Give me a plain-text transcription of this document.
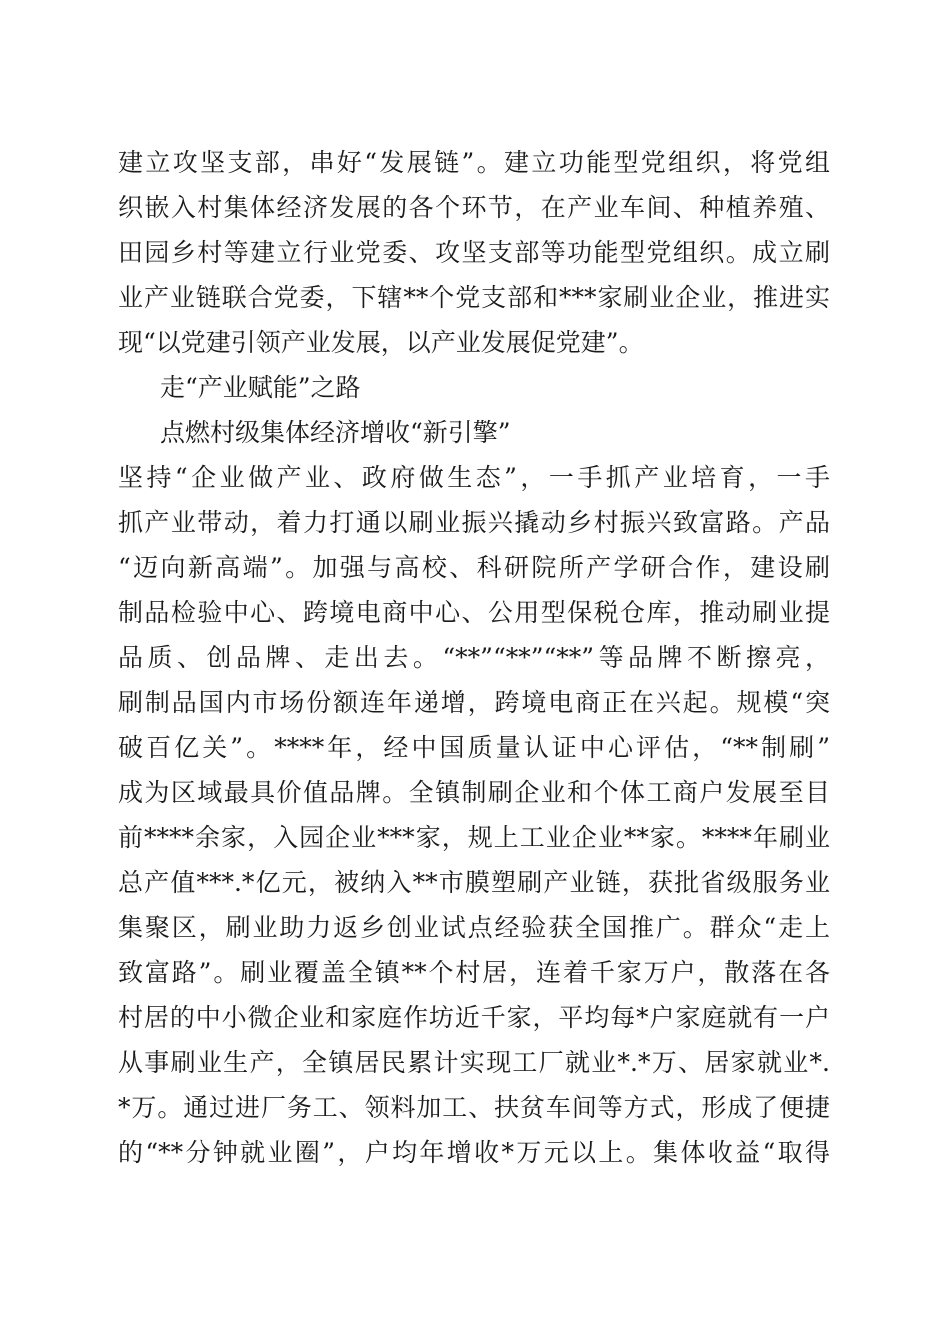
建立攻坚支部，串好“发展链”。建立功能型党组织，将党组
织嵌入村集体经济发展的各个环节，在产业车间、种植养殖、
田园乡村等建立行业党委、攻坚支部等功能型党组织。成立刷
业产业链联合党委，下辖**个党支部和***家刷业企业，推进实
现“以党建引领产业发展，以产业发展促党建”。
走“产业赋能”之路
点燃村级集体经济增收“新引擎”
坚持“企业做产业、政府做生态”，一手抓产业培育，一手
抓产业带动，着力打通以刷业振兴撬动乡村振兴致富路。产品
“迈向新高端”。加强与高校、科研院所产学研合作，建设刷
制品检验中心、跨境电商中心、公用型保税仓库，推动刷业提
品质、创品牌、走出去。“**”“**”“**”等品牌不断擦亮，
刷制品国内市场份额连年递增，跨境电商正在兴起。规模“突
破百亿关”。****年，经中国质量认证中心评估，“**制刷”
成为区域最具价值品牌。全镇制刷企业和个体工商户发展至目
前****余家，入园企业***家，规上工业企业**家。****年刷业
总产值***.*亿元，被纳入**市膜塑刷产业链，获批省级服务业
集聚区，刷业助力返乡创业试点经验获全国推广。群众“走上
致富路”。刷业覆盖全镇**个村居，连着千家万户，散落在各
村居的中小微企业和家庭作坊近千家，平均每*户家庭就有一户
从事刷业生产，全镇居民累计实现工厂就业*.*万、居家就业*.
*万。通过进厂务工、领料加工、扶贫车间等方式，形成了便捷
的“**分钟就业圈”，户均年增收*万元以上。集体收益“取得
